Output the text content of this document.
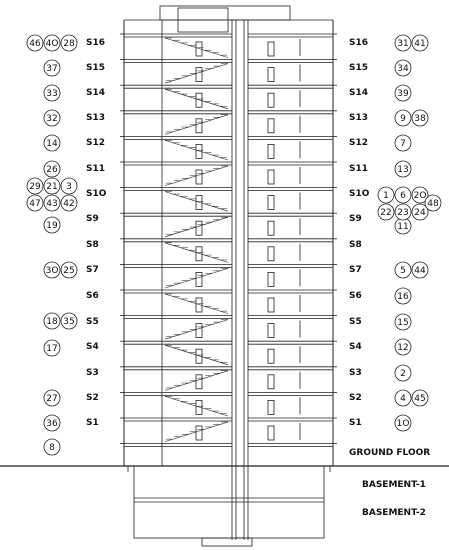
S16
S15
S14
S13
S12
S11
S1O
S9
S8
S7
S6
S5
S4
S3
S2
S1
S16
S15
S14
S13
S12
S11
S1O
S9
S8
S7
S6
S5
S4
S3
S2
S1
GROUND FLOOR
BASEMENT-1
BASEMENT-2
46 4O 28
37
33
32
14
26
29 21 3
47 43 42
19
3O 25
18 35
17
27
36
8
31 41
34
39
9 38
7
13
11
5 44
16
15
12
2
4 45
1O
1 6 2O
22 23 24
48
